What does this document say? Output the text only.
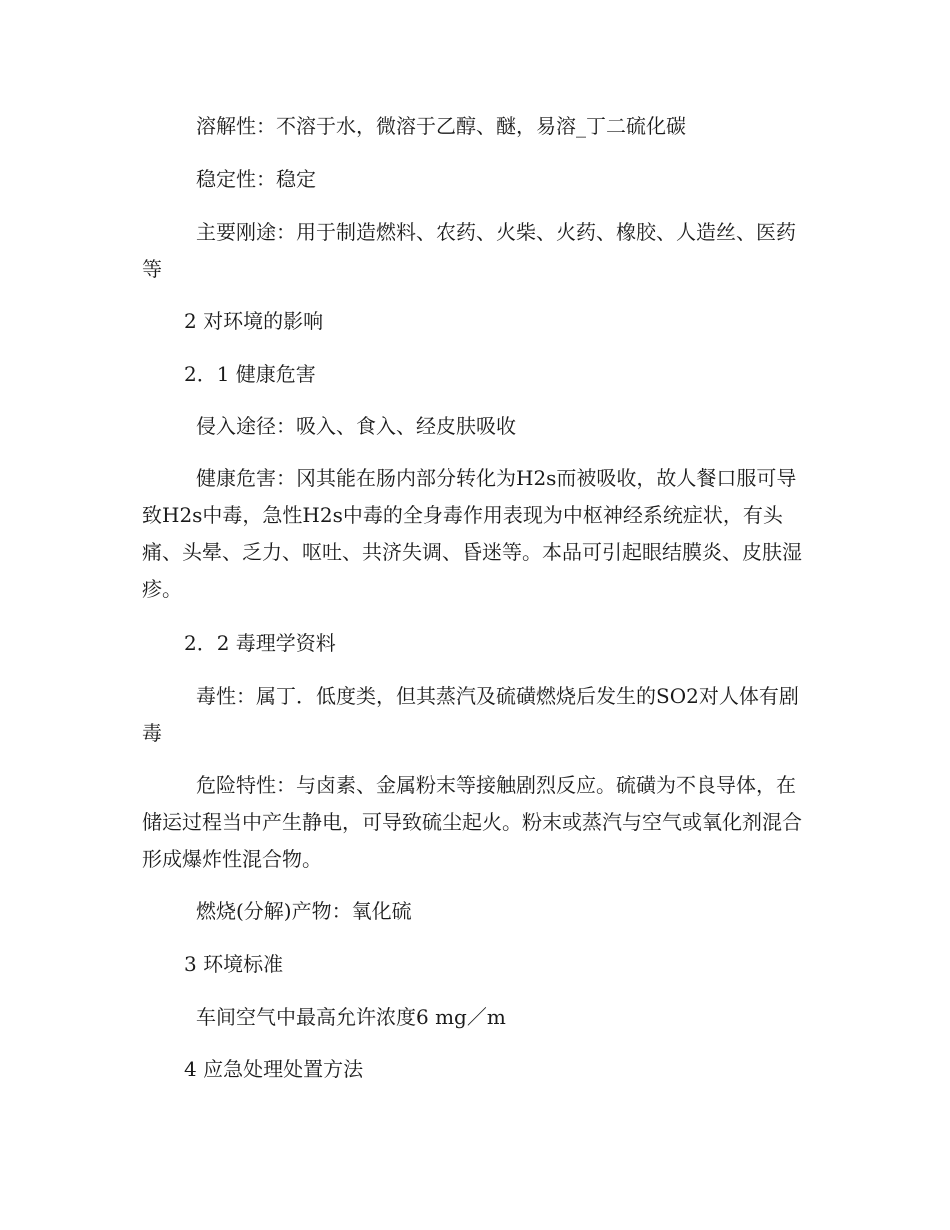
溶解性：不溶于水，微溶于乙醇、醚，易溶_丁二硫化碳

稳定性：稳定

主要刚途：用于制造燃料、农药、火柴、火药、橡胶、人造丝、医药等

2 对环境的影响

2．1 健康危害

侵入途径：吸入、食入、经皮肤吸收

健康危害：冈其能在肠内部分转化为H2s而被吸收，故人餐口服可导致H2s中毒，急性H2s中毒的全身毒作用表现为中枢神经系统症状，有头痛、头晕、乏力、呕吐、共济失调、昏迷等。本品可引起眼结膜炎、皮肤湿疹。

2．2 毒理学资料

毒性：属丁．低度类，但其蒸汽及硫磺燃烧后发生的SO2对人体有剧毒

危险特性：与卤素、金属粉末等接触剧烈反应。硫磺为不良导体，在储运过程当中产生静电，可导致硫尘起火。粉末或蒸汽与空气或氧化剂混合形成爆炸性混合物。

燃烧(分解)产物：氧化硫

3 环境标准

车间空气中最高允许浓度6 mg／m

4 应急处理处置方法
